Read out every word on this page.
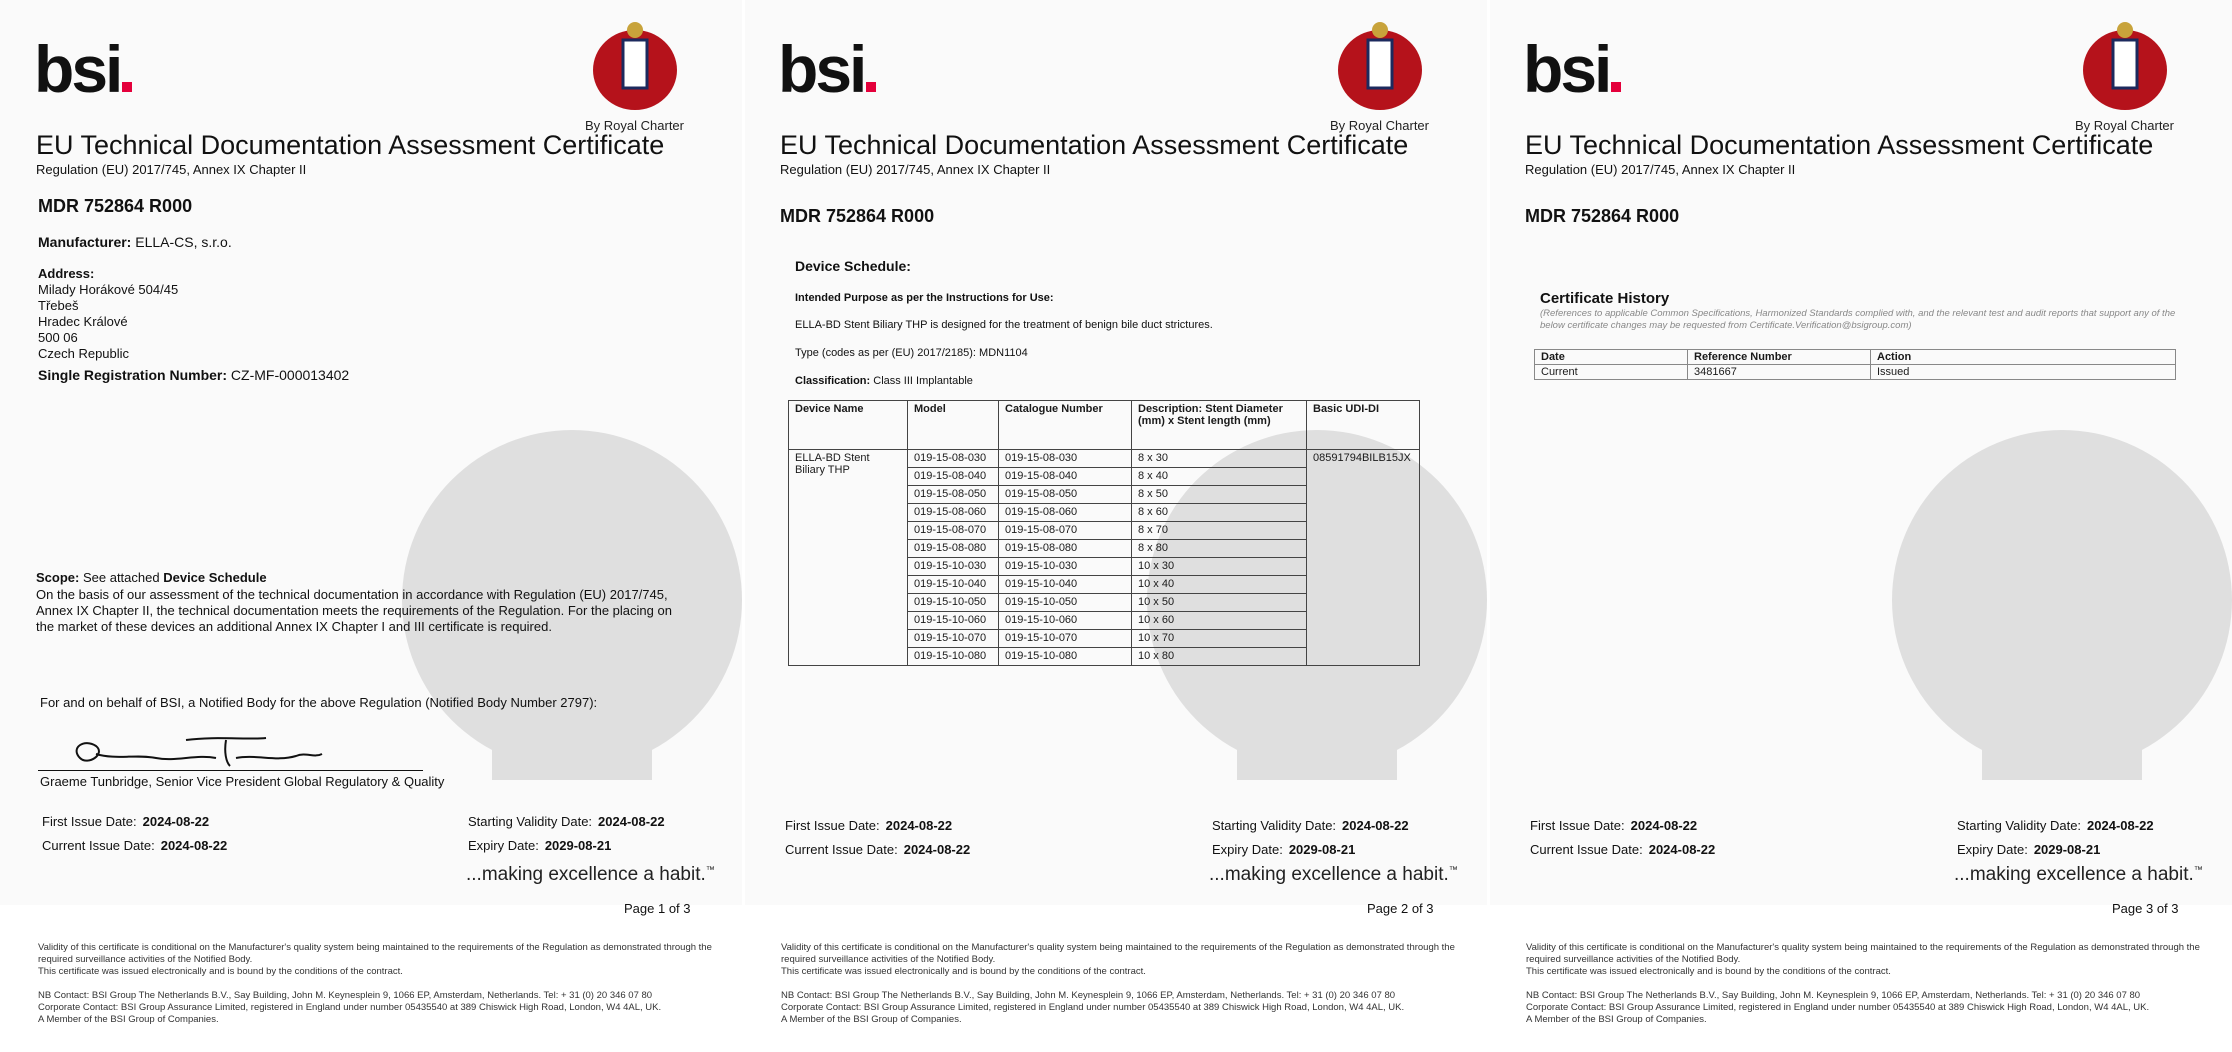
bsi
By Royal Charter
EU Technical Documentation Assessment Certificate
Regulation (EU) 2017/745, Annex IX Chapter II
MDR 752864 R000
Manufacturer: ELLA-CS, s.r.o.
Address:
Milady Horákové 504/45
Třebeš
Hradec Králové
500 06
Czech Republic
Single Registration Number: CZ-MF-000013402
Scope: See attached Device Schedule
On the basis of our assessment of the technical documentation in accordance with Regulation (EU) 2017/745, Annex IX Chapter II, the technical documentation meets the requirements of the Regulation. For the placing on the market of these devices an additional Annex IX Chapter I and III certificate is required.
For and on behalf of BSI, a Notified Body for the above Regulation (Notified Body Number 2797):
Graeme Tunbridge, Senior Vice President Global Regulatory & Quality
First Issue Date: 2024-08-22
Current Issue Date: 2024-08-22
Starting Validity Date: 2024-08-22
Expiry Date: 2029-08-21
...making excellence a habit.™
Page 1 of 3
Validity of this certificate is conditional on the Manufacturer's quality system being maintained to the requirements of the Regulation as demonstrated through the required surveillance activities of the Notified Body.
This certificate was issued electronically and is bound by the conditions of the contract.
NB Contact: BSI Group The Netherlands B.V., Say Building, John M. Keynesplein 9, 1066 EP, Amsterdam, Netherlands. Tel: + 31 (0) 20 346 07 80
Corporate Contact: BSI Group Assurance Limited, registered in England under number 05435540 at 389 Chiswick High Road, London, W4 4AL, UK.
A Member of the BSI Group of Companies.
bsi
By Royal Charter
EU Technical Documentation Assessment Certificate
Regulation (EU) 2017/745, Annex IX Chapter II
MDR 752864 R000
Device Schedule:
Intended Purpose as per the Instructions for Use:
ELLA-BD Stent Biliary THP is designed for the treatment of benign bile duct strictures.
Type (codes as per (EU) 2017/2185): MDN1104
Classification: Class III Implantable
Page 2 of 3
First Issue Date: 2024-08-22
Current Issue Date: 2024-08-22
Starting Validity Date: 2024-08-22
Expiry Date: 2029-08-21
...making excellence a habit.™
Validity of this certificate is conditional on the Manufacturer's quality system being maintained to the requirements of the Regulation as demonstrated through the required surveillance activities of the Notified Body.
This certificate was issued electronically and is bound by the conditions of the contract.
NB Contact: BSI Group The Netherlands B.V., Say Building, John M. Keynesplein 9, 1066 EP, Amsterdam, Netherlands. Tel: + 31 (0) 20 346 07 80
Corporate Contact: BSI Group Assurance Limited, registered in England under number 05435540 at 389 Chiswick High Road, London, W4 4AL, UK.
A Member of the BSI Group of Companies.
Device Name	Model	Catalogue Number	Description: Stent Diameter (mm) x Stent length (mm)	Basic UDI-DI
ELLA-BD Stent Biliary THP	019-15-08-030	019-15-08-030	8 x 30	08591794BILB15JX
	019-15-08-040	019-15-08-040	8 x 40	
	019-15-08-050	019-15-08-050	8 x 50	
	019-15-08-060	019-15-08-060	8 x 60	
	019-15-08-070	019-15-08-070	8 x 70	
	019-15-08-080	019-15-08-080	8 x 80	
	019-15-10-030	019-15-10-030	10 x 30	
	019-15-10-040	019-15-10-040	10 x 40	
	019-15-10-050	019-15-10-050	10 x 50	
	019-15-10-060	019-15-10-060	10 x 60	
	019-15-10-070	019-15-10-070	10 x 70	
	019-15-10-080	019-15-10-080	10 x 80	
bsi
By Royal Charter
EU Technical Documentation Assessment Certificate
Regulation (EU) 2017/745, Annex IX Chapter II
MDR 752864 R000
Page 3 of 3
First Issue Date: 2024-08-22
Current Issue Date: 2024-08-22
Starting Validity Date: 2024-08-22
Expiry Date: 2029-08-21
...making excellence a habit.™
Validity of this certificate is conditional on the Manufacturer's quality system being maintained to the requirements of the Regulation as demonstrated through the required surveillance activities of the Notified Body.
This certificate was issued electronically and is bound by the conditions of the contract.
NB Contact: BSI Group The Netherlands B.V., Say Building, John M. Keynesplein 9, 1066 EP, Amsterdam, Netherlands. Tel: + 31 (0) 20 346 07 80
Corporate Contact: BSI Group Assurance Limited, registered in England under number 05435540 at 389 Chiswick High Road, London, W4 4AL, UK.
A Member of the BSI Group of Companies.
Certificate History
(References to applicable Common Specifications, Harmonized Standards complied with, and the relevant test and audit reports that support any of the below certificate changes may be requested from Certificate.Verification@bsigroup.com)
Date	Reference Number	Action
Current	3481667	Issued
